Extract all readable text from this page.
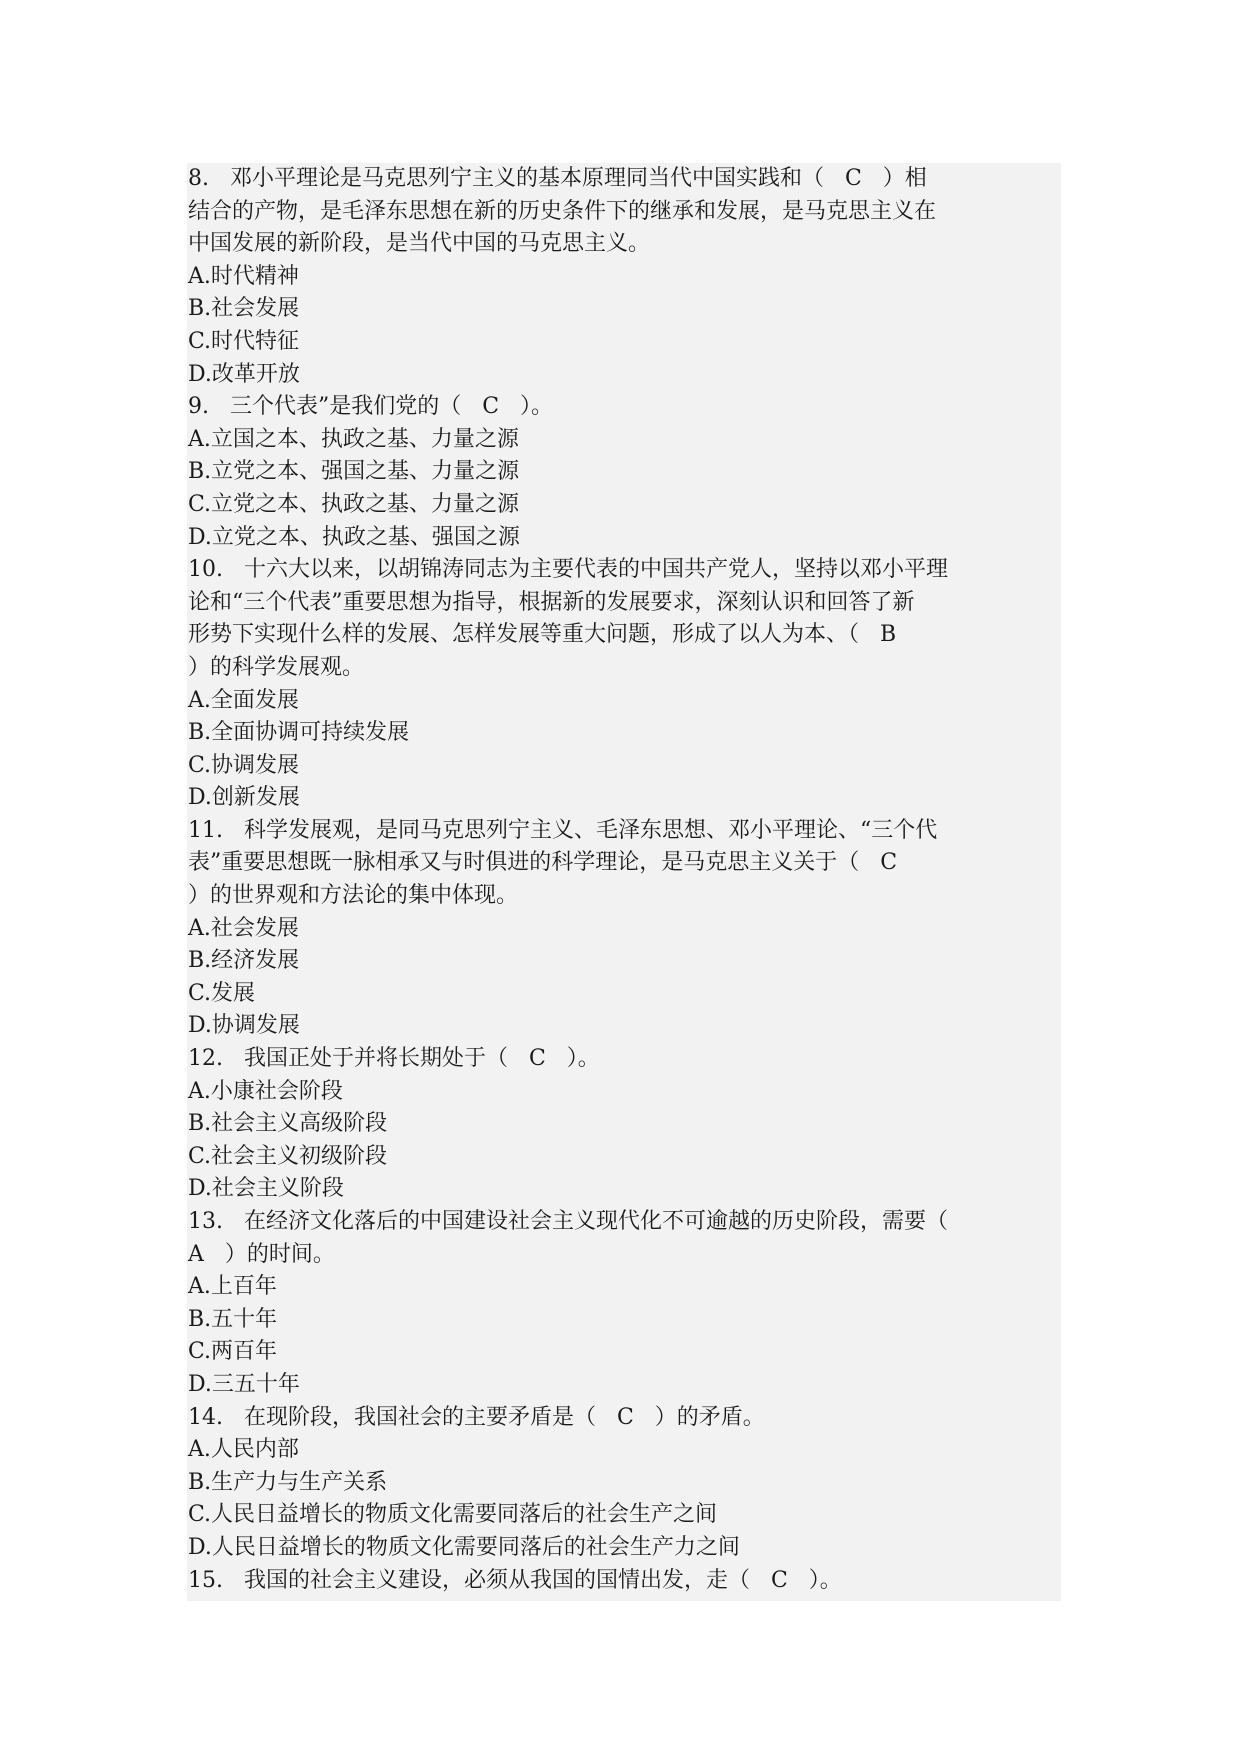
8.   邓小平理论是马克思列宁主义的基本原理同当代中国实践和（   C   ）相

结合的产物，是毛泽东思想在新的历史条件下的继承和发展，是马克思主义在

中国发展的新阶段，是当代中国的马克思主义。

A.时代精神

B.社会发展

C.时代特征

D.改革开放

9.   三个代表”是我们党的（   C   ）。

A.立国之本、执政之基、力量之源

B.立党之本、强国之基、力量之源

C.立党之本、执政之基、力量之源

D.立党之本、执政之基、强国之源

10.   十六大以来，以胡锦涛同志为主要代表的中国共产党人，坚持以邓小平理

论和“三个代表”重要思想为指导，根据新的发展要求，深刻认识和回答了新

形势下实现什么样的发展、怎样发展等重大问题，形成了以人为本、（   B

）的科学发展观。

A.全面发展

B.全面协调可持续发展

C.协调发展

D.创新发展

11.   科学发展观，是同马克思列宁主义、毛泽东思想、邓小平理论、“三个代

表”重要思想既一脉相承又与时俱进的科学理论，是马克思主义关于（   C

）的世界观和方法论的集中体现。

A.社会发展

B.经济发展

C.发展

D.协调发展

12.   我国正处于并将长期处于（   C   ）。

A.小康社会阶段

B.社会主义高级阶段

C.社会主义初级阶段

D.社会主义阶段

13.   在经济文化落后的中国建设社会主义现代化不可逾越的历史阶段，需要（

A   ）的时间。

A.上百年

B.五十年

C.两百年

D.三五十年

14.   在现阶段，我国社会的主要矛盾是（   C   ）的矛盾。

A.人民内部

B.生产力与生产关系

C.人民日益增长的物质文化需要同落后的社会生产之间

D.人民日益增长的物质文化需要同落后的社会生产力之间

15.   我国的社会主义建设，必须从我国的国情出发，走（   C   ）。
